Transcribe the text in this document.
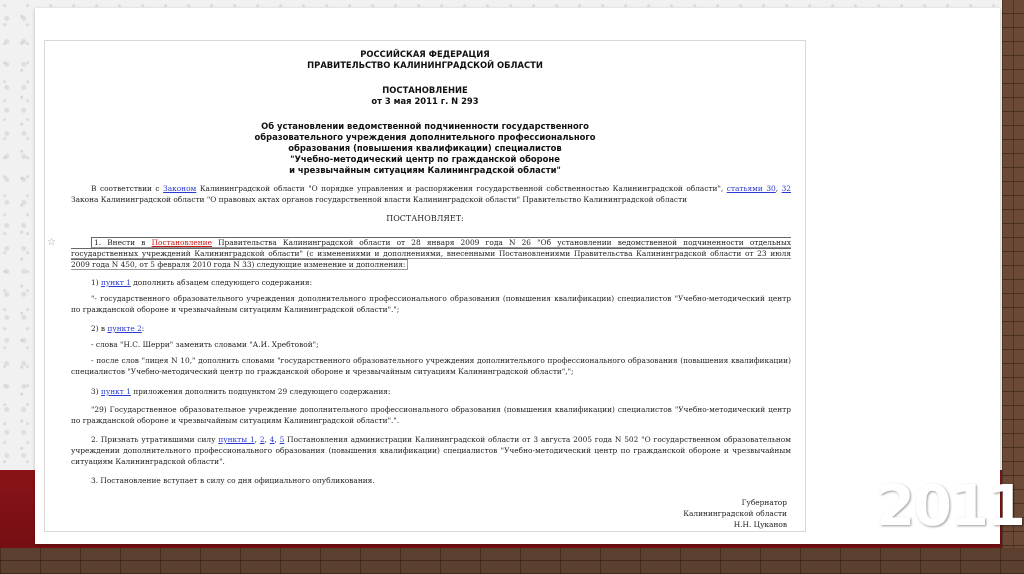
РОССИЙСКАЯ ФЕДЕРАЦИЯ
ПРАВИТЕЛЬСТВО КАЛИНИНГРАДСКОЙ ОБЛАСТИ
ПОСТАНОВЛЕНИЕ
от 3 мая 2011 г. N 293
Об установлении ведомственной подчиненности государственного
образовательного учреждения дополнительного профессионального
образования (повышения квалификации) специалистов
"Учебно-методический центр по гражданской обороне
и чрезвычайным ситуациям Калининградской области"
В соответствии с Законом Калининградской области "О порядке управления и распоряжения государственной собственностью Калининградской области", статьями 30, 32 Закона Калининградской области "О правовых актах органов государственной власти Калининградской области" Правительство Калининградской области
ПОСТАНОВЛЯЕТ:
☆	1. Внести в Постановление Правительства Калининградской области от 28 января 2009 года N 26 "Об установлении ведомственной подчиненности отдельных государственных учреждений Калининградской области" (с изменениями и дополнениями, внесенными Постановлениями Правительства Калининградской области от 23 июля 2009 года N 450, от 5 февраля 2010 года N 33) следующие изменение и дополнения:
1) пункт 1 дополнить абзацем следующего содержания:
"- государственного образовательного учреждения дополнительного профессионального образования (повышения квалификации) специалистов "Учебно-методический центр по гражданской обороне и чрезвычайным ситуациям Калининградской области".";
2) в пункте 2:
- слова "Н.С. Шерри" заменить словами "А.И. Хребтовой";
- после слов "лицея N 10," дополнить словами "государственного образовательного учреждения дополнительного профессионального образования (повышения квалификации) специалистов "Учебно-методический центр по гражданской обороне и чрезвычайным ситуациям Калининградской области",";
3) пункт 1 приложения дополнить подпунктом 29 следующего содержания:
"29) Государственное образовательное учреждение дополнительного профессионального образования (повышения квалификации) специалистов "Учебно-методический центр по гражданской обороне и чрезвычайным ситуациям Калининградской области".".
2. Признать утратившими силу пункты 1, 2, 4, 5 Постановления администрации Калининградской области от 3 августа 2005 года N 502 "О государственном образовательном учреждении дополнительного профессионального образования (повышения квалификации) специалистов "Учебно-методический центр по гражданской обороне и чрезвычайным ситуациям Калининградской области".
3. Постановление вступает в силу со дня официального опубликования.
Губернатор
Калининградской области
Н.Н. Цуканов 2011
